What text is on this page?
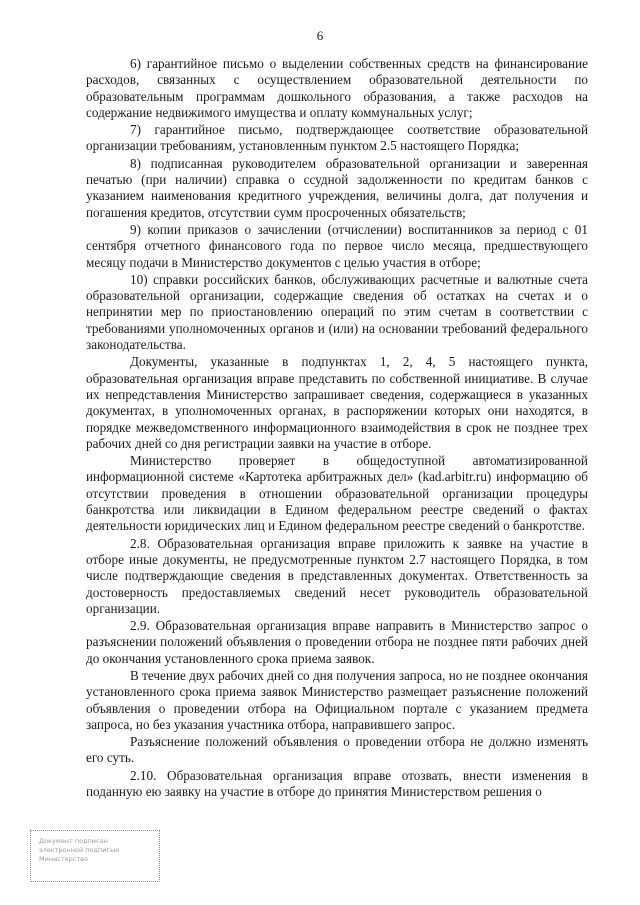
6

6) гарантийное письмо о выделении собственных средств на финансирование расходов, связанных с осуществлением образовательной деятельности по образовательным программам дошкольного образования, а также расходов на содержание недвижимого имущества и оплату коммунальных услуг;

7) гарантийное письмо, подтверждающее соответствие образовательной организации требованиям, установленным пунктом 2.5 настоящего Порядка;

8) подписанная руководителем образовательной организации и заверенная печатью (при наличии) справка о ссудной задолженности по кредитам банков с указанием наименования кредитного учреждения, величины долга, дат получения и погашения кредитов, отсутствии сумм просроченных обязательств;

9) копии приказов о зачислении (отчислении) воспитанников за период с 01 сентября отчетного финансового года по первое число месяца, предшествующего месяцу подачи в Министерство документов с целью участия в отборе;

10) справки российских банков, обслуживающих расчетные и валютные счета образовательной организации, содержащие сведения об остатках на счетах и о непринятии мер по приостановлению операций по этим счетам в соответствии с требованиями уполномоченных органов и (или) на основании требований федерального законодательства.

Документы, указанные в подпунктах 1, 2, 4, 5 настоящего пункта, образовательная организация вправе представить по собственной инициативе. В случае их непредставления Министерство запрашивает сведения, содержащиеся в указанных документах, в уполномоченных органах, в распоряжении которых они находятся, в порядке межведомственного информационного взаимодействия в срок не позднее трех рабочих дней со дня регистрации заявки на участие в отборе.

Министерство проверяет в общедоступной автоматизированной информационной системе «Картотека арбитражных дел» (kad.arbitr.ru) информацию об отсутствии проведения в отношении образовательной организации процедуры банкротства или ликвидации в Едином федеральном реестре сведений о фактах деятельности юридических лиц и Едином федеральном реестре сведений о банкротстве.

2.8. Образовательная организация вправе приложить к заявке на участие в отборе иные документы, не предусмотренные пунктом 2.7 настоящего Порядка, в том числе подтверждающие сведения в представленных документах. Ответственность за достоверность предоставляемых сведений несет руководитель образовательной организации.

2.9. Образовательная организация вправе направить в Министерство запрос о разъяснении положений объявления о проведении отбора не позднее пяти рабочих дней до окончания установленного срока приема заявок.

В течение двух рабочих дней со дня получения запроса, но не позднее окончания установленного срока приема заявок Министерство размещает разъяснение положений объявления о проведении отбора на Официальном портале с указанием предмета запроса, но без указания участника отбора, направившего запрос.

Разъяснение положений объявления о проведении отбора не должно изменять его суть.

2.10. Образовательная организация вправе отозвать, внести изменения в поданную ею заявку на участие в отборе до принятия Министерством решения о

Документ подписан
электронной подписью
Министерство
